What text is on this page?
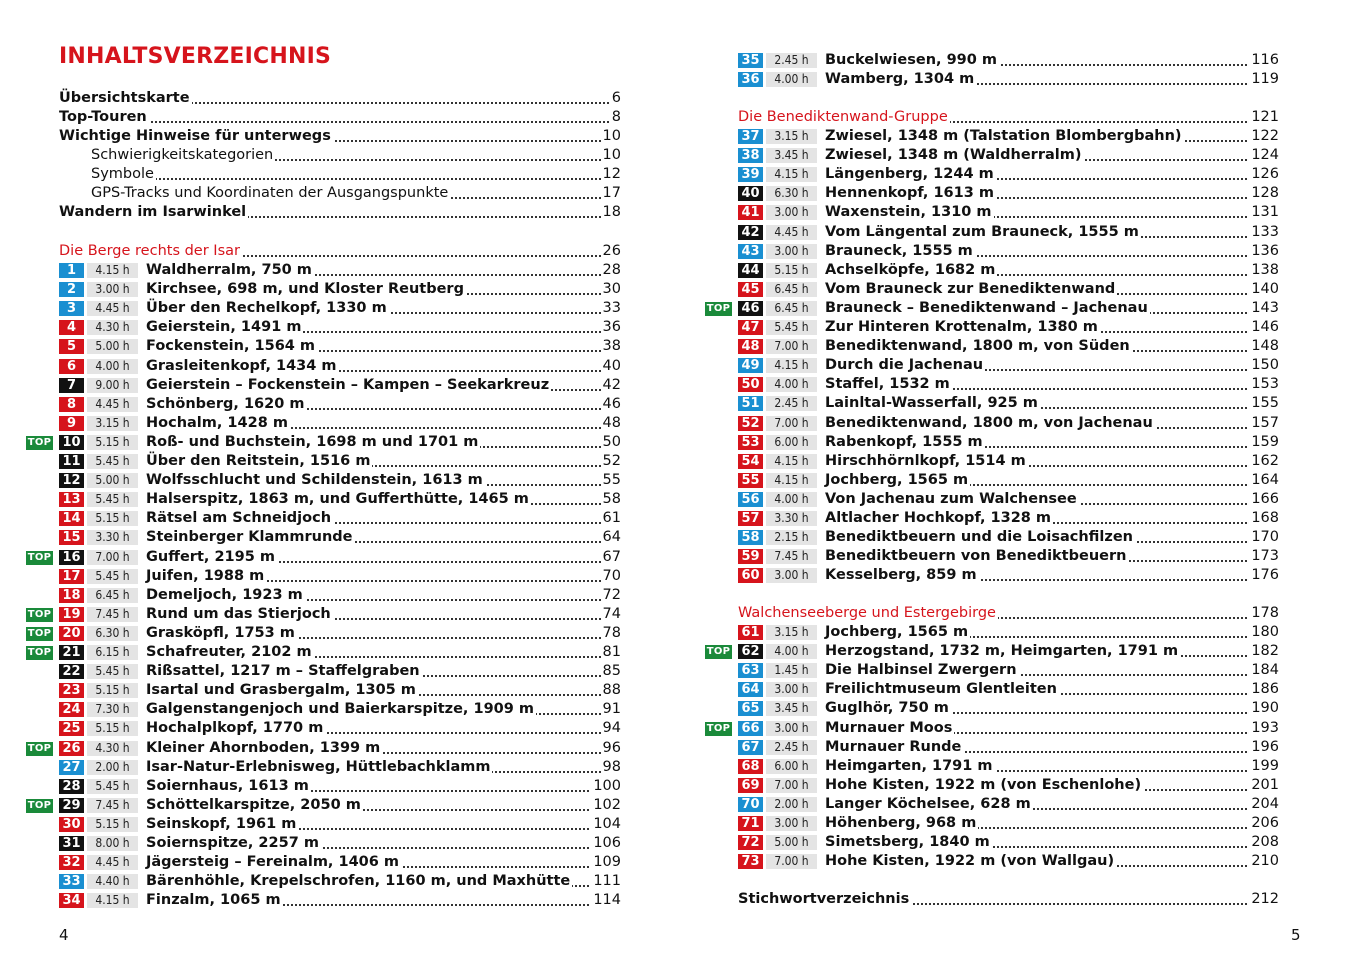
INHALTSVERZEICHNIS
Übersichtskarte	6
Top-Touren	8
Wichtige Hinweise für unterwegs	10
Schwierigkeitskategorien	10
Symbole	12
GPS-Tracks und Koordinaten der Ausgangspunkte	17
Wandern im Isarwinkel	18
Die Berge rechts der Isar	26
1	4.15 h	Waldherralm, 750 m	28
2	3.00 h	Kirchsee, 698 m, und Kloster Reutberg	30
3	4.45 h	Über den Rechelkopf, 1330 m	33
4	4.30 h	Geierstein, 1491 m	36
5	5.00 h	Fockenstein, 1564 m	38
6	4.00 h	Grasleitenkopf, 1434 m	40
7	9.00 h	Geierstein – Fockenstein – Kampen – Seekarkreuz	42
8	4.45 h	Schönberg, 1620 m	46
9	3.15 h	Hochalm, 1428 m	48
TOP 10	5.15 h	Roß- und Buchstein, 1698 m und 1701 m	50
11	5.45 h	Über den Reitstein, 1516 m	52
12	5.00 h	Wolfsschlucht und Schildenstein, 1613 m	55
13	5.45 h	Halserspitz, 1863 m, und Gufferthütte, 1465 m	58
14	5.15 h	Rätsel am Schneidjoch	61
15	3.30 h	Steinberger Klammrunde	64
TOP 16	7.00 h	Guffert, 2195 m	67
17	5.45 h	Juifen, 1988 m	70
18	6.45 h	Demeljoch, 1923 m	72
TOP 19	7.45 h	Rund um das Stierjoch	74
TOP 20	6.30 h	Grasköpfl, 1753 m	78
TOP 21	6.15 h	Schafreuter, 2102 m	81
22	5.45 h	Rißsattel, 1217 m – Staffelgraben	85
23	5.15 h	Isartal und Grasbergalm, 1305 m	88
24	7.30 h	Galgenstangenjoch und Baierkarspitze, 1909 m	91
25	5.15 h	Hochalplkopf, 1770 m	94
TOP 26	4.30 h	Kleiner Ahornboden, 1399 m	96
27	2.00 h	Isar-Natur-Erlebnisweg, Hüttlebachklamm	98
28	5.45 h	Soiernhaus, 1613 m	100
TOP 29	7.45 h	Schöttelkarspitze, 2050 m	102
30	5.15 h	Seinskopf, 1961 m	104
31	8.00 h	Soiernspitze, 2257 m	106
32	4.45 h	Jägersteig – Fereinalm, 1406 m	109
33	4.40 h	Bärenhöhle, Krepelschrofen, 1160 m, und Maxhütte 111
34	4.15 h	Finzalm, 1065 m	114
4
35	2.45 h	Buckelwiesen, 990 m	116
36	4.00 h	Wamberg, 1304 m	119
Die Benediktenwand-Gruppe	121
37	3.15 h	Zwiesel, 1348 m (Talstation Blombergbahn)	122
38	3.45 h	Zwiesel, 1348 m (Waldherralm)	124
39	4.15 h	Längenberg, 1244 m	126
40	6.30 h	Hennenkopf, 1613 m	128
41	3.00 h	Waxenstein, 1310 m	131
42	4.45 h	Vom Längental zum Brauneck, 1555 m	133
43	3.00 h	Brauneck, 1555 m	136
44	5.15 h	Achselköpfe, 1682 m	138
45	6.45 h	Vom Brauneck zur Benediktenwand	140
TOP 46	6.45 h	Brauneck – Benediktenwand – Jachenau	143
47	5.45 h	Zur Hinteren Krottenalm, 1380 m	146
48	7.00 h	Benediktenwand, 1800 m, von Süden	148
49	4.15 h	Durch die Jachenau	150
50	4.00 h	Staffel, 1532 m	153
51	2.45 h	Lainltal-Wasserfall, 925 m	155
52	7.00 h	Benediktenwand, 1800 m, von Jachenau	157
53	6.00 h	Rabenkopf, 1555 m	159
54	4.15 h	Hirschhörnlkopf, 1514 m	162
55	4.15 h	Jochberg, 1565 m	164
56	4.00 h	Von Jachenau zum Walchensee	166
57	3.30 h	Altlacher Hochkopf, 1328 m	168
58	2.15 h	Benediktbeuern und die Loisachfilzen	170
59	7.45 h	Benediktbeuern von Benediktbeuern	173
60	3.00 h	Kesselberg, 859 m	176
Walchenseeberge und Estergebirge	178
61	3.15 h	Jochberg, 1565 m	180
TOP 62	4.00 h	Herzogstand, 1732 m, Heimgarten, 1791 m	182
63	1.45 h	Die Halbinsel Zwergern	184
64	3.00 h	Freilichtmuseum Glentleiten	186
65	3.45 h	Guglhör, 750 m	190
TOP 66	3.00 h	Murnauer Moos	193
67	2.45 h	Murnauer Runde	196
68	6.00 h	Heimgarten, 1791 m	199
69	7.00 h	Hohe Kisten, 1922 m (von Eschenlohe)	201
70	2.00 h	Langer Köchelsee, 628 m	204
71	3.00 h	Höhenberg, 968 m	206
72	5.00 h	Simetsberg, 1840 m	208
73	7.00 h	Hohe Kisten, 1922 m (von Wallgau)	210
Stichwortverzeichnis	212
5
